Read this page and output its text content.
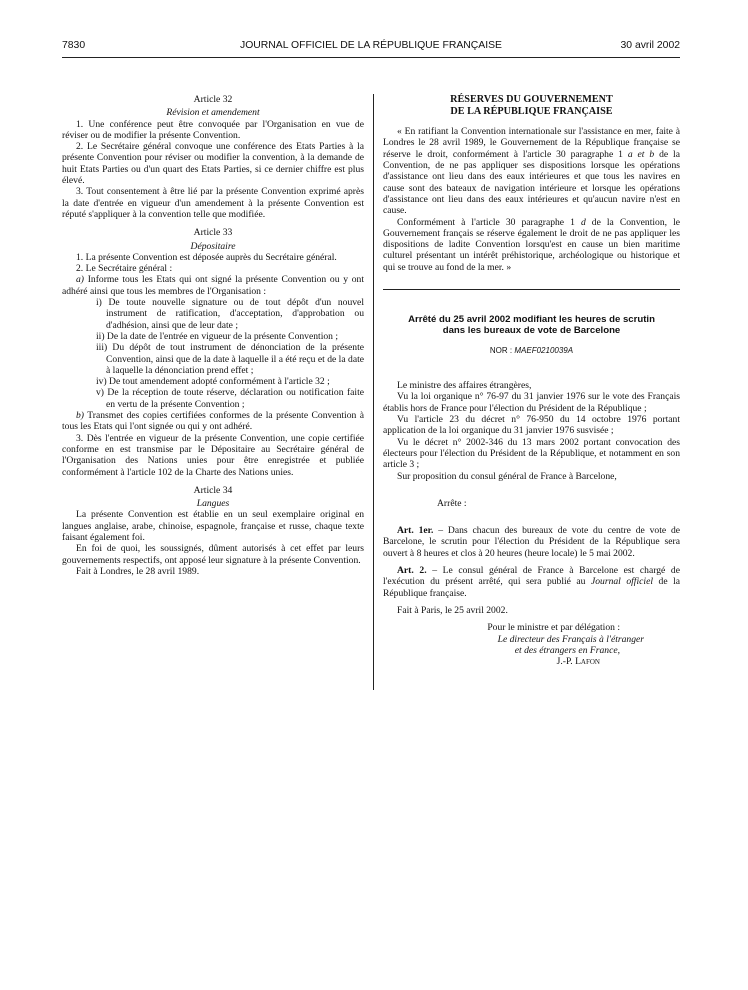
7830	JOURNAL OFFICIEL DE LA RÉPUBLIQUE FRANÇAISE	30 avril 2002

Article 32

Révision et amendement

1. Une conférence peut être convoquée par l'Organisation en vue de réviser ou de modifier la présente Convention.

2. Le Secrétaire général convoque une conférence des Etats Parties à la présente Convention pour réviser ou modifier la convention, à la demande de huit Etats Parties ou d'un quart des Etats Parties, si ce dernier chiffre est plus élevé.

3. Tout consentement à être lié par la présente Convention exprimé après la date d'entrée en vigueur d'un amendement à la présente Convention est réputé s'appliquer à la convention telle que modifiée.

Article 33

Dépositaire

1. La présente Convention est déposée auprès du Secrétaire général.

2. Le Secrétaire général :

a) Informe tous les Etats qui ont signé la présente Convention ou y ont adhéré ainsi que tous les membres de l'Organisation :

i) De toute nouvelle signature ou de tout dépôt d'un nouvel instrument de ratification, d'acceptation, d'approbation ou d'adhésion, ainsi que de leur date ;

ii) De la date de l'entrée en vigueur de la présente Convention ;

iii) Du dépôt de tout instrument de dénonciation de la présente Convention, ainsi que de la date à laquelle il a été reçu et de la date à laquelle la dénonciation prend effet ;

iv) De tout amendement adopté conformément à l'article 32 ;

v) De la réception de toute réserve, déclaration ou notification faite en vertu de la présente Convention ;

b) Transmet des copies certifiées conformes de la présente Convention à tous les Etats qui l'ont signée ou qui y ont adhéré.

3. Dès l'entrée en vigueur de la présente Convention, une copie certifiée conforme en est transmise par le Dépositaire au Secrétaire général de l'Organisation des Nations unies pour être enregistrée et publiée conformément à l'article 102 de la Charte des Nations unies.

Article 34

Langues

La présente Convention est établie en un seul exemplaire original en langues anglaise, arabe, chinoise, espagnole, française et russe, chaque texte faisant également foi.

En foi de quoi, les soussignés, dûment autorisés à cet effet par leurs gouvernements respectifs, ont apposé leur signature à la présente Convention.

Fait à Londres, le 28 avril 1989.

RÉSERVES DU GOUVERNEMENT
DE LA RÉPUBLIQUE FRANÇAISE

« En ratifiant la Convention internationale sur l'assistance en mer, faite à Londres le 28 avril 1989, le Gouvernement de la République française se réserve le droit, conformément à l'article 30 paragraphe 1 a et b de la Convention, de ne pas appliquer ses dispositions lorsque les opérations d'assistance ont lieu dans des eaux intérieures et que tous les navires en cause sont des bateaux de navigation intérieure et lorsque les opérations d'assistance ont lieu dans des eaux intérieures et qu'aucun navire n'est en cause.

Conformément à l'article 30 paragraphe 1 d de la Convention, le Gouvernement français se réserve également le droit de ne pas appliquer les dispositions de ladite Convention lorsqu'est en cause un bien maritime culturel présentant un intérêt préhistorique, archéologique ou historique et qui se trouve au fond de la mer. »

Arrêté du 25 avril 2002 modifiant les heures de scrutin
dans les bureaux de vote de Barcelone
NOR : MAEF0210039A

Le ministre des affaires étrangères,

Vu la loi organique n° 76-97 du 31 janvier 1976 sur le vote des Français établis hors de France pour l'élection du Président de la République ;

Vu l'article 23 du décret n° 76-950 du 14 octobre 1976 portant application de la loi organique du 31 janvier 1976 susvisée ;

Vu le décret n° 2002-346 du 13 mars 2002 portant convocation des électeurs pour l'élection du Président de la République, et notamment en son article 3 ;

Sur proposition du consul général de France à Barcelone,

Arrête :

Art. 1er. – Dans chacun des bureaux de vote du centre de vote de Barcelone, le scrutin pour l'élection du Président de la République sera ouvert à 8 heures et clos à 20 heures (heure locale) le 5 mai 2002.

Art. 2. – Le consul général de France à Barcelone est chargé de l'exécution du présent arrêté, qui sera publié au Journal officiel de la République française.

Fait à Paris, le 25 avril 2002.

Pour le ministre et par délégation :

Le directeur des Français à l'étranger

et des étrangers en France,

J.-P. Lafon
